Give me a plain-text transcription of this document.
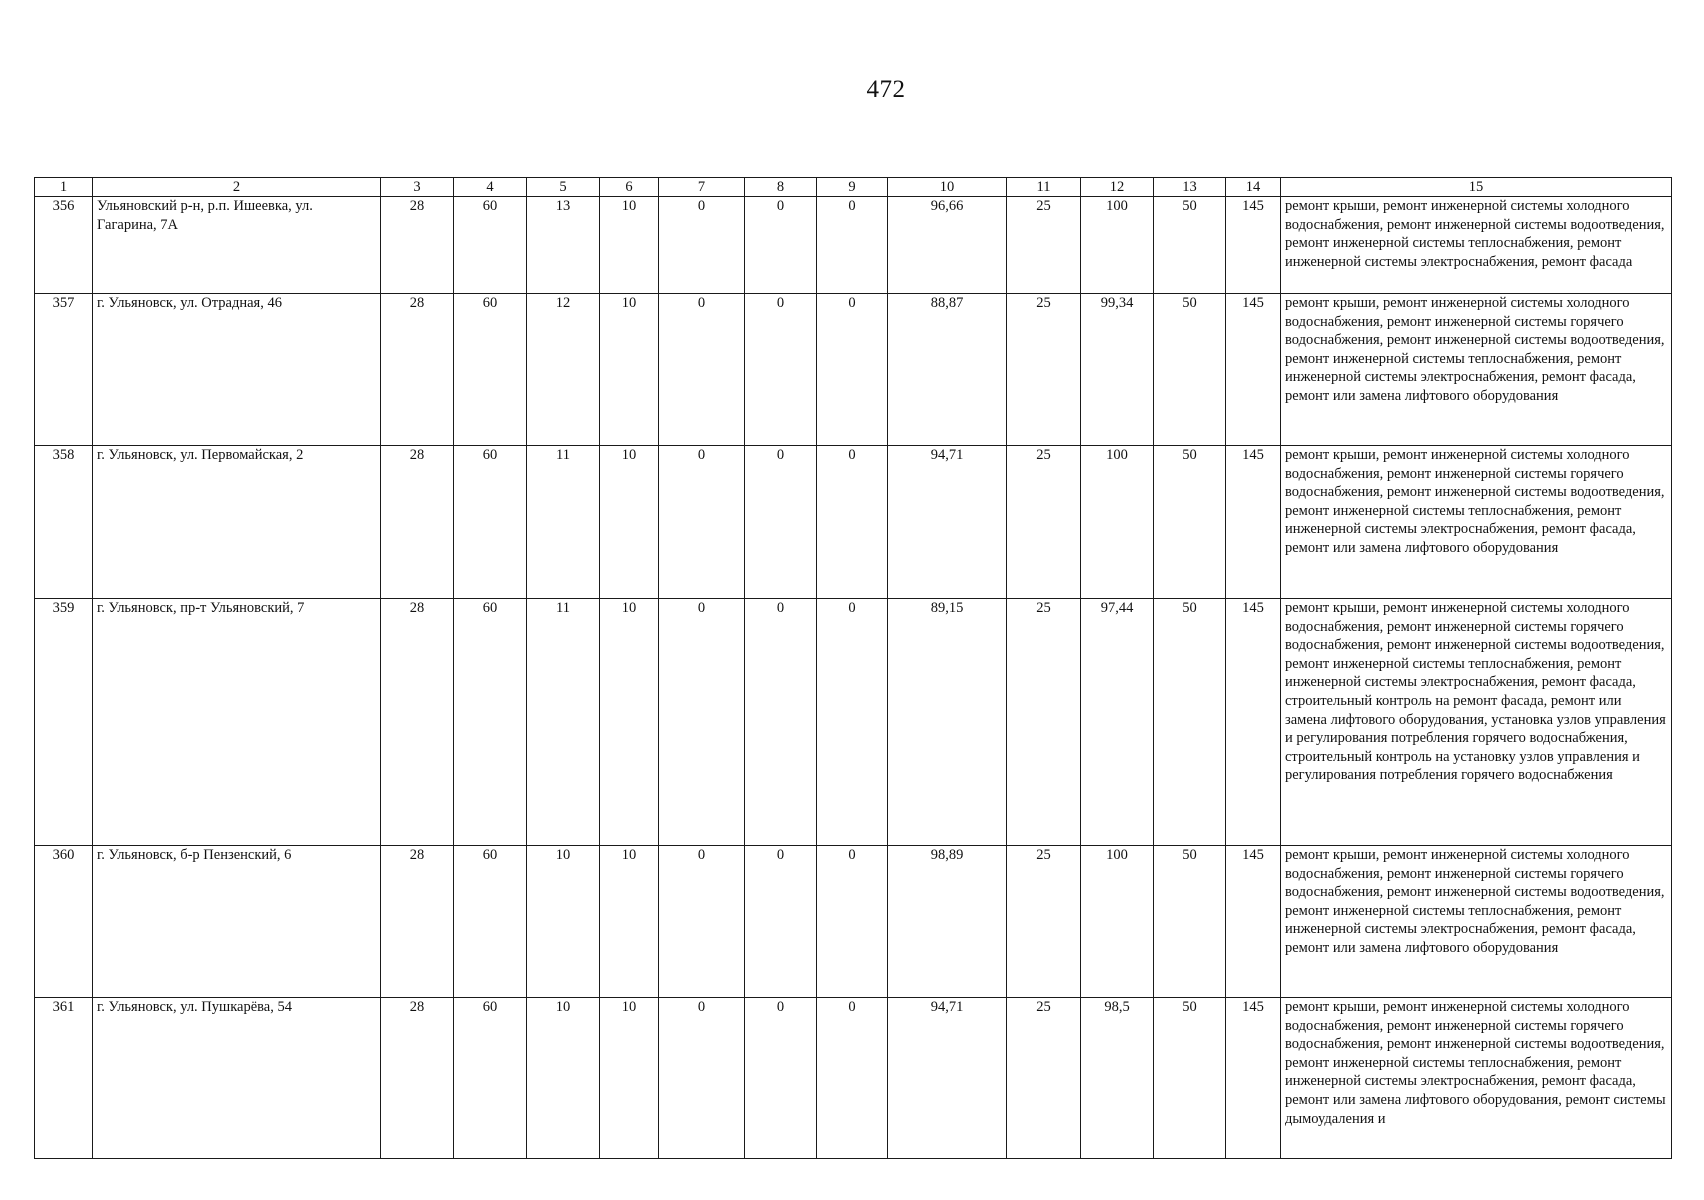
472
1	2	3	4	5	6	7	8	9	10	11	12	13	14	15
356	Ульяновский р-н, р.п. Ишеевка, ул. Гагарина, 7А	28	60	13	10	0	0	0	96,66	25	100	50	145	ремонт крыши, ремонт инженерной системы холодного водоснабжения, ремонт инженерной системы водоотведения, ремонт инженерной системы теплоснабжения, ремонт инженерной системы электроснабжения, ремонт фасада
357	г. Ульяновск, ул. Отрадная, 46	28	60	12	10	0	0	0	88,87	25	99,34	50	145	ремонт крыши, ремонт инженерной системы холодного водоснабжения, ремонт инженерной системы горячего водоснабжения, ремонт инженерной системы водоотведения, ремонт инженерной системы теплоснабжения, ремонт инженерной системы электроснабжения, ремонт фасада, ремонт или замена лифтового оборудования
358	г. Ульяновск, ул. Первомайская, 2	28	60	11	10	0	0	0	94,71	25	100	50	145	ремонт крыши, ремонт инженерной системы холодного водоснабжения, ремонт инженерной системы горячего водоснабжения, ремонт инженерной системы водоотведения, ремонт инженерной системы теплоснабжения, ремонт инженерной системы электроснабжения, ремонт фасада, ремонт или замена лифтового оборудования
359	г. Ульяновск, пр-т Ульяновский, 7	28	60	11	10	0	0	0	89,15	25	97,44	50	145	ремонт крыши, ремонт инженерной системы холодного водоснабжения, ремонт инженерной системы горячего водоснабжения, ремонт инженерной системы водоотведения, ремонт инженерной системы теплоснабжения, ремонт инженерной системы электроснабжения, ремонт фасада, строительный контроль на ремонт фасада, ремонт или замена лифтового оборудования, установка узлов управления и регулирования потребления горячего водоснабжения, строительный контроль на установку узлов управления и регулирования потребления горячего водоснабжения
360	г. Ульяновск, б-р Пензенский, 6	28	60	10	10	0	0	0	98,89	25	100	50	145	ремонт крыши, ремонт инженерной системы холодного водоснабжения, ремонт инженерной системы горячего водоснабжения, ремонт инженерной системы водоотведения, ремонт инженерной системы теплоснабжения, ремонт инженерной системы электроснабжения, ремонт фасада, ремонт или замена лифтового оборудования
361	г. Ульяновск, ул. Пушкарёва, 54	28	60	10	10	0	0	0	94,71	25	98,5	50	145	ремонт крыши, ремонт инженерной системы холодного водоснабжения, ремонт инженерной системы горячего водоснабжения, ремонт инженерной системы водоотведения, ремонт инженерной системы теплоснабжения, ремонт инженерной системы электроснабжения, ремонт фасада, ремонт или замена лифтового оборудования, ремонт системы дымоудаления и
